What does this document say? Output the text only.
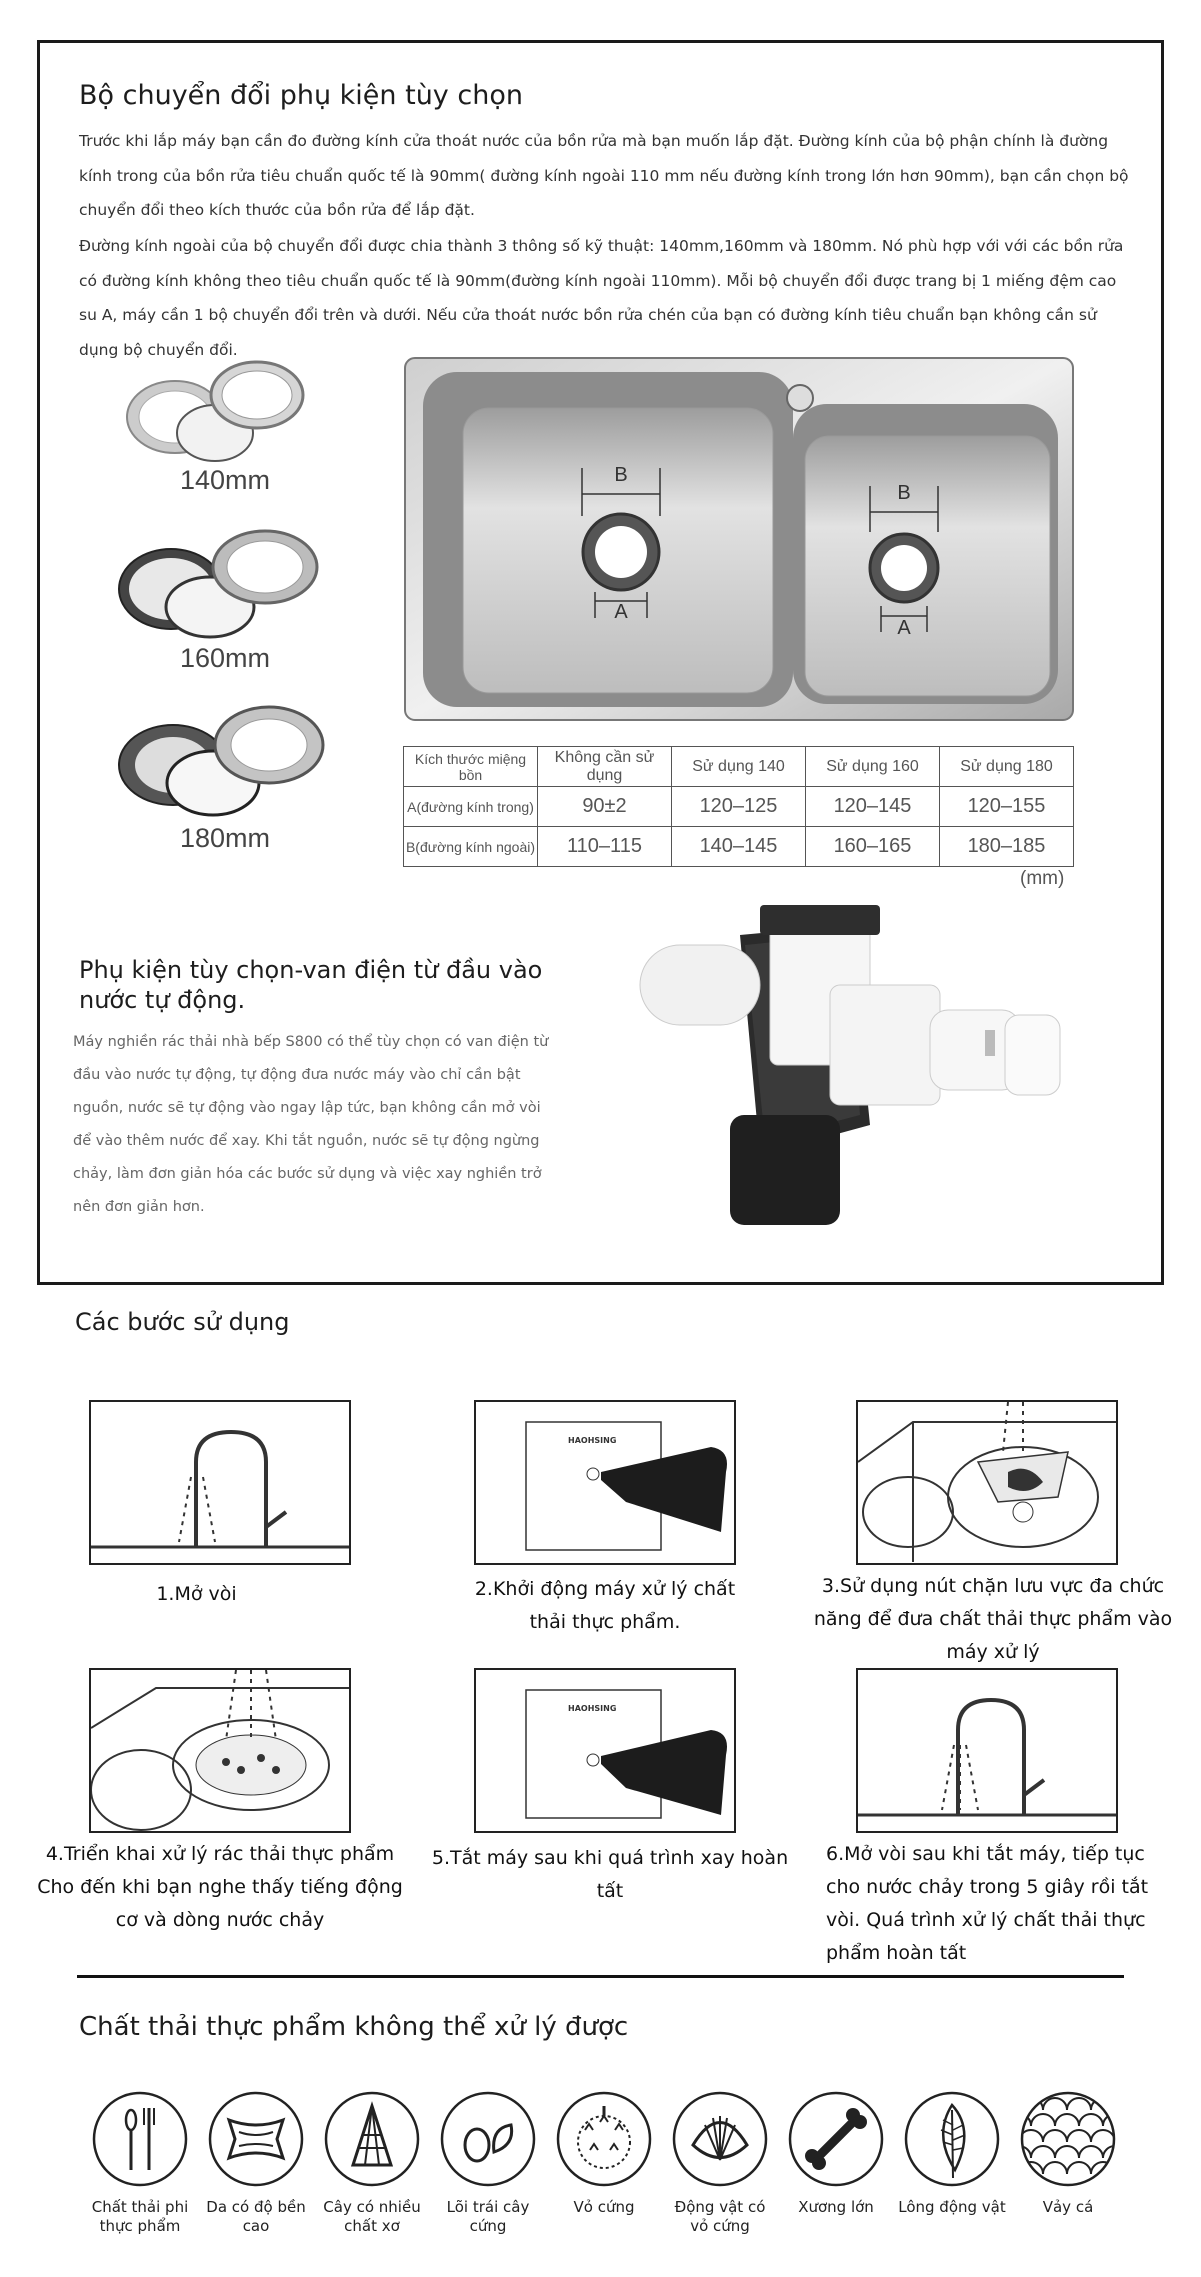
Bộ chuyển đổi phụ kiện tùy chọn
Trước khi lắp máy bạn cần đo đường kính cửa thoát nước của bồn rửa mà bạn muốn lắp đặt. Đường kính của bộ phận chính là đường kính trong của bồn rửa tiêu chuẩn quốc tế là 90mm( đường kính ngoài 110 mm nếu đường kính trong lớn hơn 90mm), bạn cần chọn bộ chuyển đổi theo kích thước của bồn rửa để lắp đặt.
Đường kính ngoài của bộ chuyển đổi được chia thành 3 thông số kỹ thuật: 140mm,160mm và 180mm. Nó phù hợp với với các bồn rửa có đường kính không theo tiêu chuẩn quốc tế là 90mm(đường kính ngoài 110mm). Mỗi bộ chuyển đổi được trang bị 1 miếng đệm cao su A, máy cần 1 bộ chuyển đổi trên và dưới. Nếu cửa thoát nước bồn rửa chén của bạn có đường kính tiêu chuẩn bạn không cần sử dụng bộ chuyển đổi.
140mm
160mm
180mm
B
A
B
A
Kích thước miệng bồn	Không cần sử dụng	Sử dụng 140	Sử dụng 160	Sử dụng 180
A(đường kính trong)	90±2	120–125	120–145	120–155
B(đường kính ngoài)	110–115	140–145	160–165	180–185
(mm)
Phụ kiện tùy chọn-van điện từ đầu vào nước tự động.
Máy nghiền rác thải nhà bếp S800 có thể tùy chọn có van điện từ đầu vào nước tự động, tự động đưa nước máy vào chỉ cần bật nguồn, nước sẽ tự động vào ngay lập tức, bạn không cần mở vòi để vào thêm nước để xay. Khi tắt nguồn, nước sẽ tự động ngừng chảy, làm đơn giản hóa các bước sử dụng và việc xay nghiền trở nên đơn giản hơn.
Các bước sử dụng
1.Mở vòi
HAOHSING
2.Khởi động máy xử lý chất thải thực phẩm.
3.Sử dụng nút chặn lưu vực đa chức năng để đưa chất thải thực phẩm vào máy xử lý
4.Triển khai xử lý rác thải thực phẩm Cho đến khi bạn nghe thấy tiếng động cơ và dòng nước chảy
HAOHSING
5.Tắt máy sau khi quá trình xay hoàn tất
6.Mở vòi sau khi tắt máy, tiếp tục cho nước chảy trong 5 giây rồi tắt vòi. Quá trình xử lý chất thải thực phẩm hoàn tất
Chất thải thực phẩm không thể xử lý được
Chất thải phi thực phẩm
Da có độ bền cao
Cây có nhiều chất xơ
Lõi trái cây cứng
Vỏ cứng	Động vật có vỏ cứng
Xương lớn	Lông động vật	Vảy cá
